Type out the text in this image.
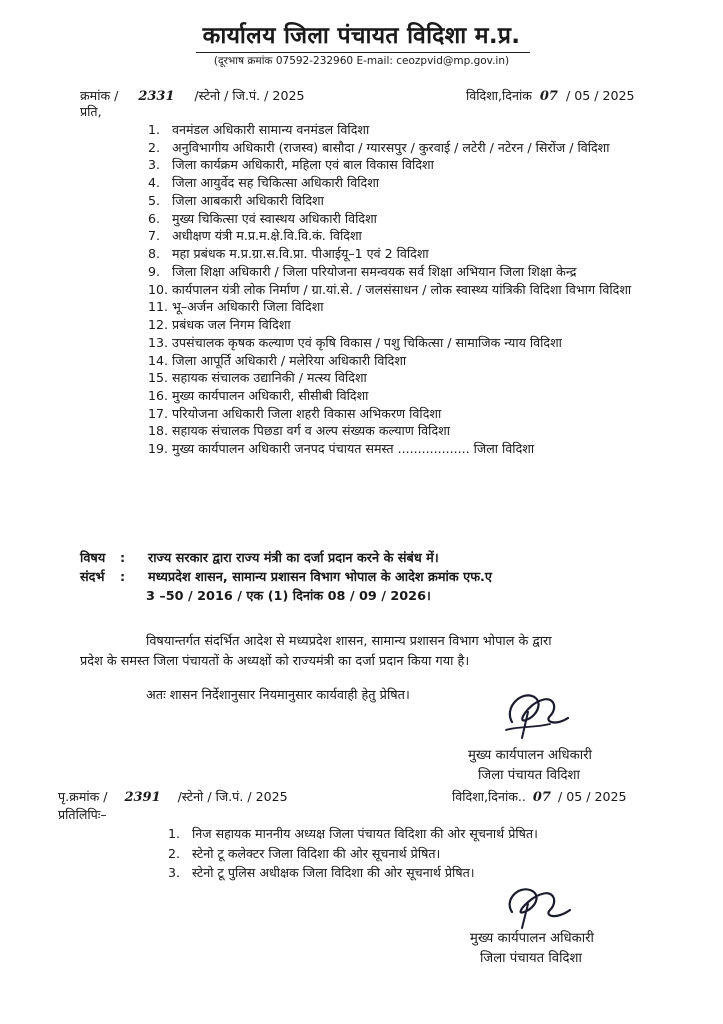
कार्यालय जिला पंचायत विदिशा म.प्र.
(दूरभाष क्रमांक 07592-232960 E-mail: ceozpvid@mp.gov.in)
क्रमांक / 2331 /स्टेनो / जि.पं. / 2025	विदिशा,दिनांक 07 / 05 / 2025
प्रति,
1. वनमंडल अधिकारी सामान्य वनमंडल विदिशा
2. अनुविभागीय अधिकारी (राजस्व) बासौदा / ग्यारसपुर / कुरवाई / लटेरी / नटेरन / सिरोंज / विदिशा
3. जिला कार्यक्रम अधिकारी, महिला एवं बाल विकास विदिशा
4. जिला आयुर्वेद सह चिकित्सा अधिकारी विदिशा
5. जिला आबकारी अधिकारी विदिशा
6. मुख्य चिकित्सा एवं स्वास्थय अधिकारी विदिशा
7. अधीक्षण यंत्री म.प्र.म.क्षे.वि.वि.कं. विदिशा
8. महा प्रबंधक म.प्र.ग्रा.स.वि.प्रा. पीआईयू–1 एवं 2 विदिशा
9. जिला शिक्षा अधिकारी / जिला परियोजना समन्वयक सर्व शिक्षा अभियान जिला शिक्षा केन्द्र
10. कार्यपालन यंत्री लोक निर्माण / ग्रा.यां.से. / जलसंसाधन / लोक स्वास्थ्य यांत्रिकी विदिशा विभाग विदिशा
11. भू–अर्जन अधिकारी जिला विदिशा
12. प्रबंधक जल निगम विदिशा
13. उपसंचालक कृषक कल्याण एवं कृषि विकास / पशु चिकित्सा / सामाजिक न्याय विदिशा
14. जिला आपूर्ति अधिकारी / मलेरिया अधिकारी विदिशा
15. सहायक संचालक उद्यानिकी / मत्स्य विदिशा
16. मुख्य कार्यपालन अधिकारी, सीसीबी विदिशा
17. परियोजना अधिकारी जिला शहरी विकास अभिकरण विदिशा
18. सहायक संचालक पिछडा वर्ग व अल्प संख्यक कल्याण विदिशा
19. मुख्य कार्यपालन अधिकारी जनपद पंचायत समस्त .................. जिला विदिशा
विषय : राज्य सरकार द्वारा राज्य मंत्री का दर्जा प्रदान करने के संबंध में।
संदर्भ : मध्यप्रदेश शासन, सामान्य प्रशासन विभाग भोपाल के आदेश क्रमांक एफ.ए
3 –50 / 2016 / एक (1) दिनांक 08 / 09 / 2026।
विषयान्तर्गत संदर्भित आदेश से मध्यप्रदेश शासन, सामान्य प्रशासन विभाग भोपाल के द्वारा
प्रदेश के समस्त जिला पंचायतों के अध्यक्षों को राज्यमंत्री का दर्जा प्रदान किया गया है।
अतः शासन निर्देशानुसार नियमानुसार कार्यवाही हेतु प्रेषित।
मुख्य कार्यपालन अधिकारी
जिला पंचायत विदिशा
पृ.क्रमांक / 2391 /स्टेनो / जि.पं. / 2025	विदिशा,दिनांक.. 07 / 05 / 2025
प्रतिलिपिः–
1. निज सहायक माननीय अध्यक्ष जिला पंचायत विदिशा की ओर सूचनार्थ प्रेषित।
2. स्टेनो टू कलेक्टर जिला विदिशा की ओर सूचनार्थ प्रेषित।
3. स्टेनो टू पुलिस अधीक्षक जिला विदिशा की ओर सूचनार्थ प्रेषित।
मुख्य कार्यपालन अधिकारी
जिला पंचायत विदिशा
